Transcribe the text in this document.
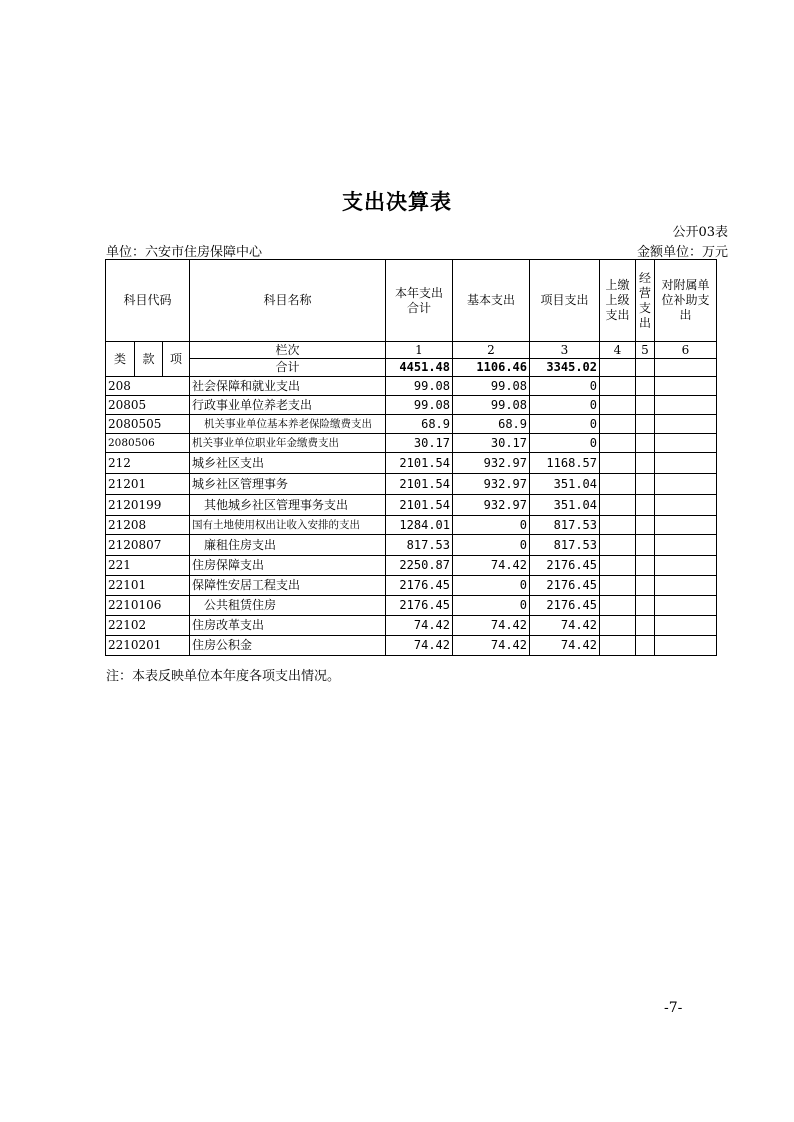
支出决算表
公开03表
单位：六安市住房保障中心	金额单位：万元
科目代码			科目名称	本年支出合计	基本支出	项目支出	上缴上级支出	经营支出	对附属单位补助支出
类	款	项	栏次	1	2	3	4	5	6
			合计	4451.48	1106.46	3345.02			
208			社会保障和就业支出	99.08	99.08	0			
20805			行政事业单位养老支出	99.08	99.08	0			
2080505			机关事业单位基本养老保险缴费支出	68.9	68.9	0			
2080506			机关事业单位职业年金缴费支出	30.17	30.17	0			
212			城乡社区支出	2101.54	932.97	1168.57			
21201			城乡社区管理事务	2101.54	932.97	351.04			
2120199			其他城乡社区管理事务支出	2101.54	932.97	351.04			
21208			国有土地使用权出让收入安排的支出	1284.01	0	817.53			
2120807			廉租住房支出	817.53	0	817.53			
221			住房保障支出	2250.87	74.42	2176.45			
22101			保障性安居工程支出	2176.45	0	2176.45			
2210106			公共租赁住房	2176.45	0	2176.45			
22102			住房改革支出	74.42	74.42	74.42			
2210201			住房公积金	74.42	74.42	74.42			
注：本表反映单位本年度各项支出情况。
-7-
